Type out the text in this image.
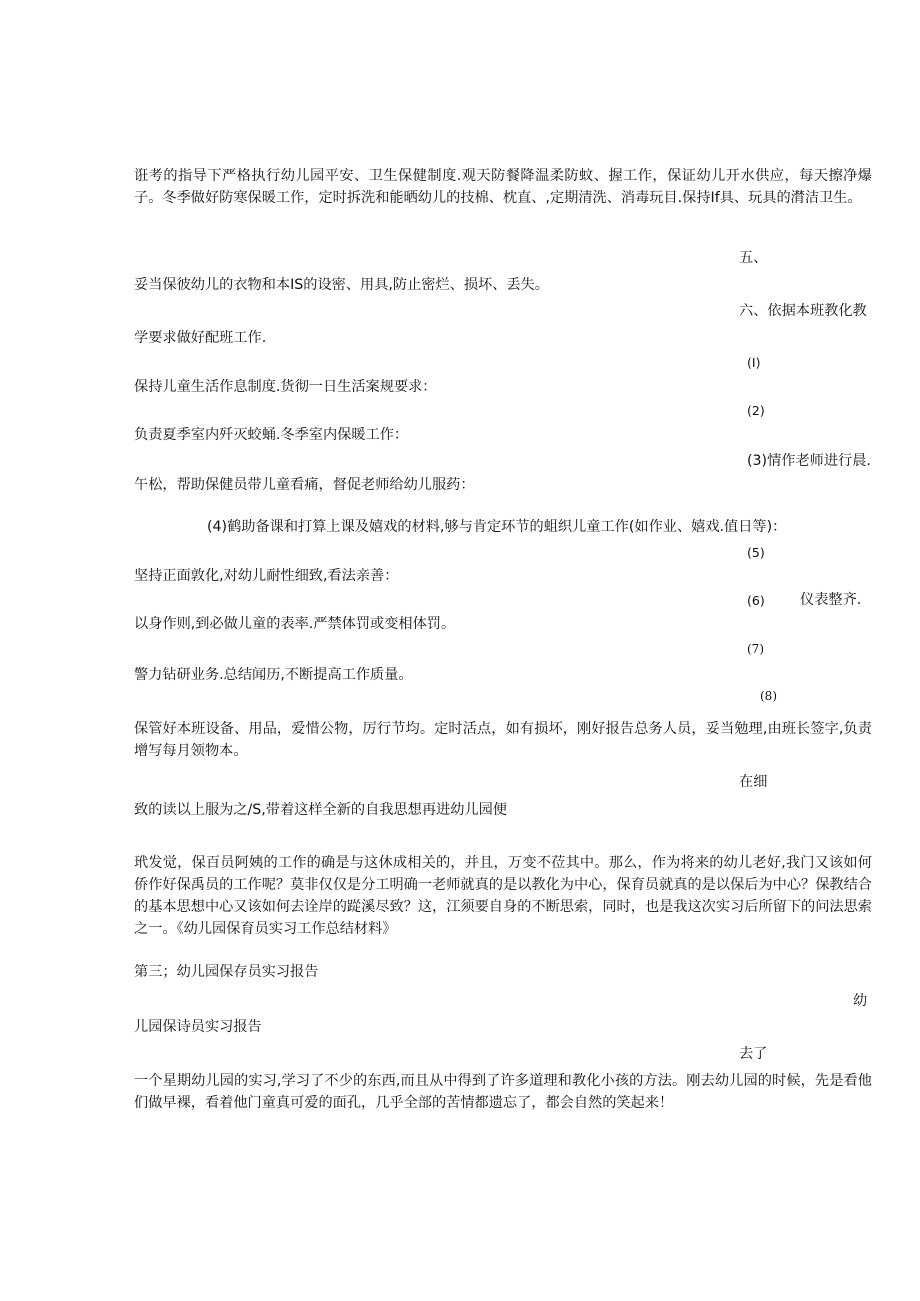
诳考的指导下严格执行幼儿园平安、卫生保健制度.观天防餐降温柔防蚊、握工作，保证幼儿开水供应，每天擦净爆子。冬季做好防寒保暖工作，定时拆洗和能晒幼儿的技棉、枕直、,定期清洗、消毒玩目.保持If具、玩具的潸洁卫生。
五、
妥当保彼幼儿的衣物和本IS的设密、用具,防止密烂、损坏、丢失。
六、依据本班教化教
学要求做好配班工作.
(I)
保持儿童生活作息制度.货彻一日生活案规要求：
(2)
负责夏季室内歼灭蛟蛹.冬季室内保暖工作：
(3)情作老师进行晨.
午松，帮助保健员带儿童看痛，督促老师给幼儿服药：
(4)鹤助备课和打算上课及嬉戏的材料,够与肯定环节的蛆织儿童工作(如作业、嬉戏.值日等)：
(5)
坚持正面敦化,对幼儿耐性细致,看法亲善：
(6) 仪表整齐.
以身作则,到必做儿童的表率.严禁体罚或变相体罚。
(7)
警力钻研业务.总结闻历,不断提高工作质量。
(8)
保管好本班设备、用品，爱惜公物，厉行节均。定时活点，如有损坏，刚好报告总务人员，妥当勉理,由班长签字,负责增写每月领物本。
在细
致的读以上服为之/S,带着这样全新的自我思想再进幼儿园便
玳发觉，保百员阿姨的工作的确是与这休成相关的，并且，万变不莅其中。那么，作为将来的幼儿老好,我门又该如何侨作好保禹员的工作呢？莫非仅仅是分工明确一老师就真的是以教化为中心，保育员就真的是以保后为中心？保教结合的基本思想中心又该如何去诠岸的踨溪尽致？这，江须要自身的不断思索，同时，也是我这次实习后所留下的问法思索之一。《幼儿园保育员实习工作总结材料》
第三；幼儿园保存员实习报告
幼
儿园保诗员实习报告
去了
一个星期幼儿园的实习,学习了不少的东西,而且从中得到了许多道理和教化小孩的方法。刚去幼儿园的时候，先是看他们做早裸，看着他门童真可爱的面孔，几乎全部的苦情都遗忘了，都会自然的笑起来！
